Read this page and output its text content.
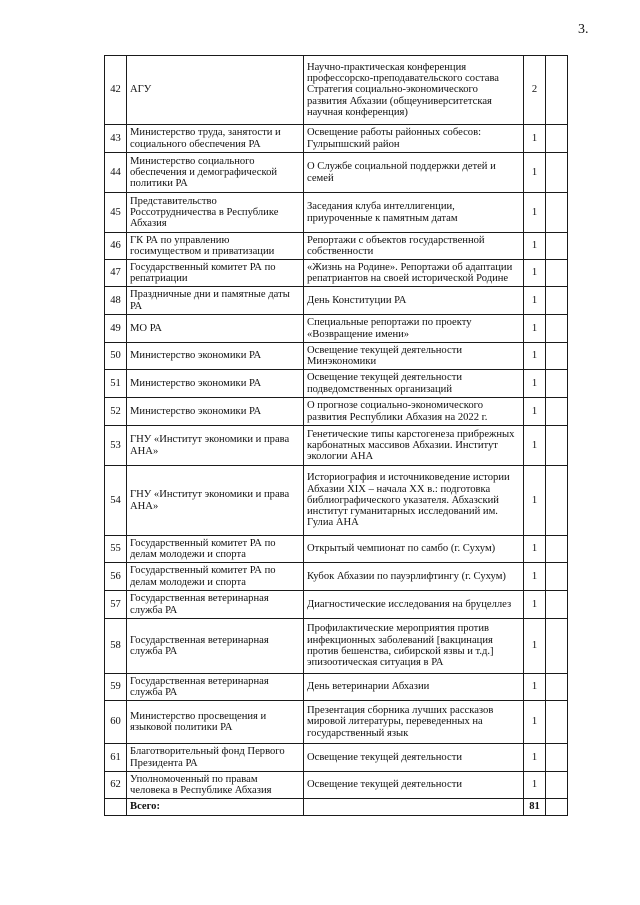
3.
42	АГУ	Научно-практическая конференция профессорско-преподавательского состава Стратегия социально-экономического развития Абхазии (общеуниверситетская научная конференция)	2	
43	Министерство труда, занятости и социального обеспечения РА	Освещение работы районных собесов: Гулрыпшский район	1	
44	Министерство социального обеспечения и демографической политики РА	О Службе социальной поддержки детей и семей	1	
45	Представительство Россотрудничества в Республике Абхазия	Заседания клуба интеллигенции, приуроченные к памятным датам	1	
46	ГК РА по управлению госимуществом и приватизации	Репортажи с объектов государственной собственности	1	
47	Государственный комитет РА по репатриации	«Жизнь на Родине». Репортажи об адаптации репатриантов на своей исторической Родине	1	
48	Праздничные дни и памятные даты РА	День Конституции РА	1	
49	МО РА	Специальные репортажи по проекту «Возвращение имени»	1	
50	Министерство экономики РА	Освещение текущей деятельности Минэкономики	1	
51	Министерство экономики РА	Освещение текущей деятельности подведомственных организаций	1	
52	Министерство экономики РА	О прогнозе социально-экономического развития Республики Абхазия на 2022 г.	1	
53	ГНУ «Институт экономики и права АНА»	Генетические типы карстогенеза прибрежных карбонатных массивов Абхазии. Институт экологии АНА	1	
54	ГНУ «Институт экономики и права АНА»	Историография и источниковедение истории Абхазии XIX – начала XX в.: подготовка библиографического указателя. Абхазский институт гуманитарных исследований им. Гулиа АНА	1	
55	Государственный комитет РА по делам молодежи и спорта	Открытый чемпионат по самбо (г. Сухум)	1	
56	Государственный комитет РА по делам молодежи и спорта	Кубок Абхазии по пауэрлифтингу (г. Сухум)	1	
57	Государственная ветеринарная служба РА	Диагностические исследования на бруцеллез	1	
58	Государственная ветеринарная служба РА	Профилактические мероприятия против инфекционных заболеваний [вакцинация против бешенства, сибирской язвы и т.д.] эпизоотическая ситуация в РА	1	
59	Государственная ветеринарная служба РА	День ветеринарии Абхазии	1	
60	Министерство просвещения и языковой политики РА	Презентация сборника лучших рассказов мировой литературы, переведенных на государственный язык	1	
61	Благотворительный фонд Первого Президента РА	Освещение текущей деятельности	1	
62	Уполномоченный по правам человека в Республике Абхазия	Освещение текущей деятельности	1	
	Всего:		81	
